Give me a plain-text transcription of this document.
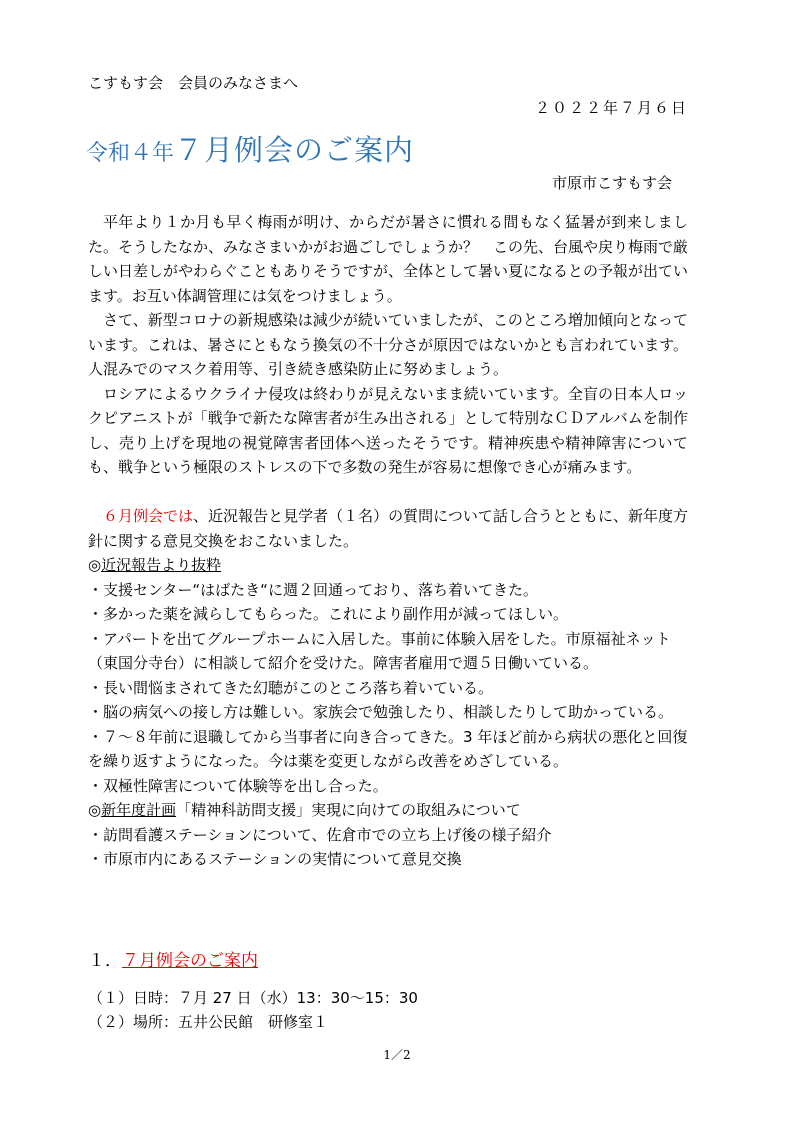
こすもす会　会員のみなさまへ
２０２２年７月６日
令和４年７月例会のご案内
市原市こすもす会

平年より１か月も早く梅雨が明け、からだが暑さに慣れる間もなく猛暑が到来しました。そうしたなか、みなさまいかがお過ごしでしょうか？　この先、台風や戻り梅雨で厳しい日差しがやわらぐこともありそうですが、全体として暑い夏になるとの予報が出ています。お互い体調管理には気をつけましょう。

さて、新型コロナの新規感染は減少が続いていましたが、このところ増加傾向となっています。これは、暑さにともなう換気の不十分さが原因ではないかとも言われています。人混みでのマスク着用等、引き続き感染防止に努めましょう。

ロシアによるウクライナ侵攻は終わりが見えないまま続いています。全盲の日本人ロックピアニストが「戦争で新たな障害者が生み出される」として特別なＣＤアルバムを制作し、売り上げを現地の視覚障害者団体へ送ったそうです。精神疾患や精神障害についても、戦争という極限のストレスの下で多数の発生が容易に想像でき心が痛みます。

６月例会では、近況報告と見学者（１名）の質問について話し合うとともに、新年度方針に関する意見交換をおこないました。

◎近況報告より抜粋

・支援センター“はばたき“に週２回通っており、落ち着いてきた。

・多かった薬を減らしてもらった。これにより副作用が減ってほしい。

・アパートを出てグループホームに入居した。事前に体験入居をした。市原福祉ネット（東国分寺台）に相談して紹介を受けた。障害者雇用で週５日働いている。

・長い間悩まされてきた幻聴がこのところ落ち着いている。

・脳の病気への接し方は難しい。家族会で勉強したり、相談したりして助かっている。

・７～８年前に退職してから当事者に向き合ってきた。3 年ほど前から病状の悪化と回復を繰り返すようになった。今は薬を変更しながら改善をめざしている。

・双極性障害について体験等を出し合った。

◎新年度計画「精神科訪問支援」実現に向けての取組みについて

・訪問看護ステーションについて、佐倉市での立ち上げ後の様子紹介

・市原市内にあるステーションの実情について意見交換

１．７月例会のご案内
（１）日時：７月 27 日（水）13：30～15：30
（２）場所：五井公民館　研修室１
1／2
